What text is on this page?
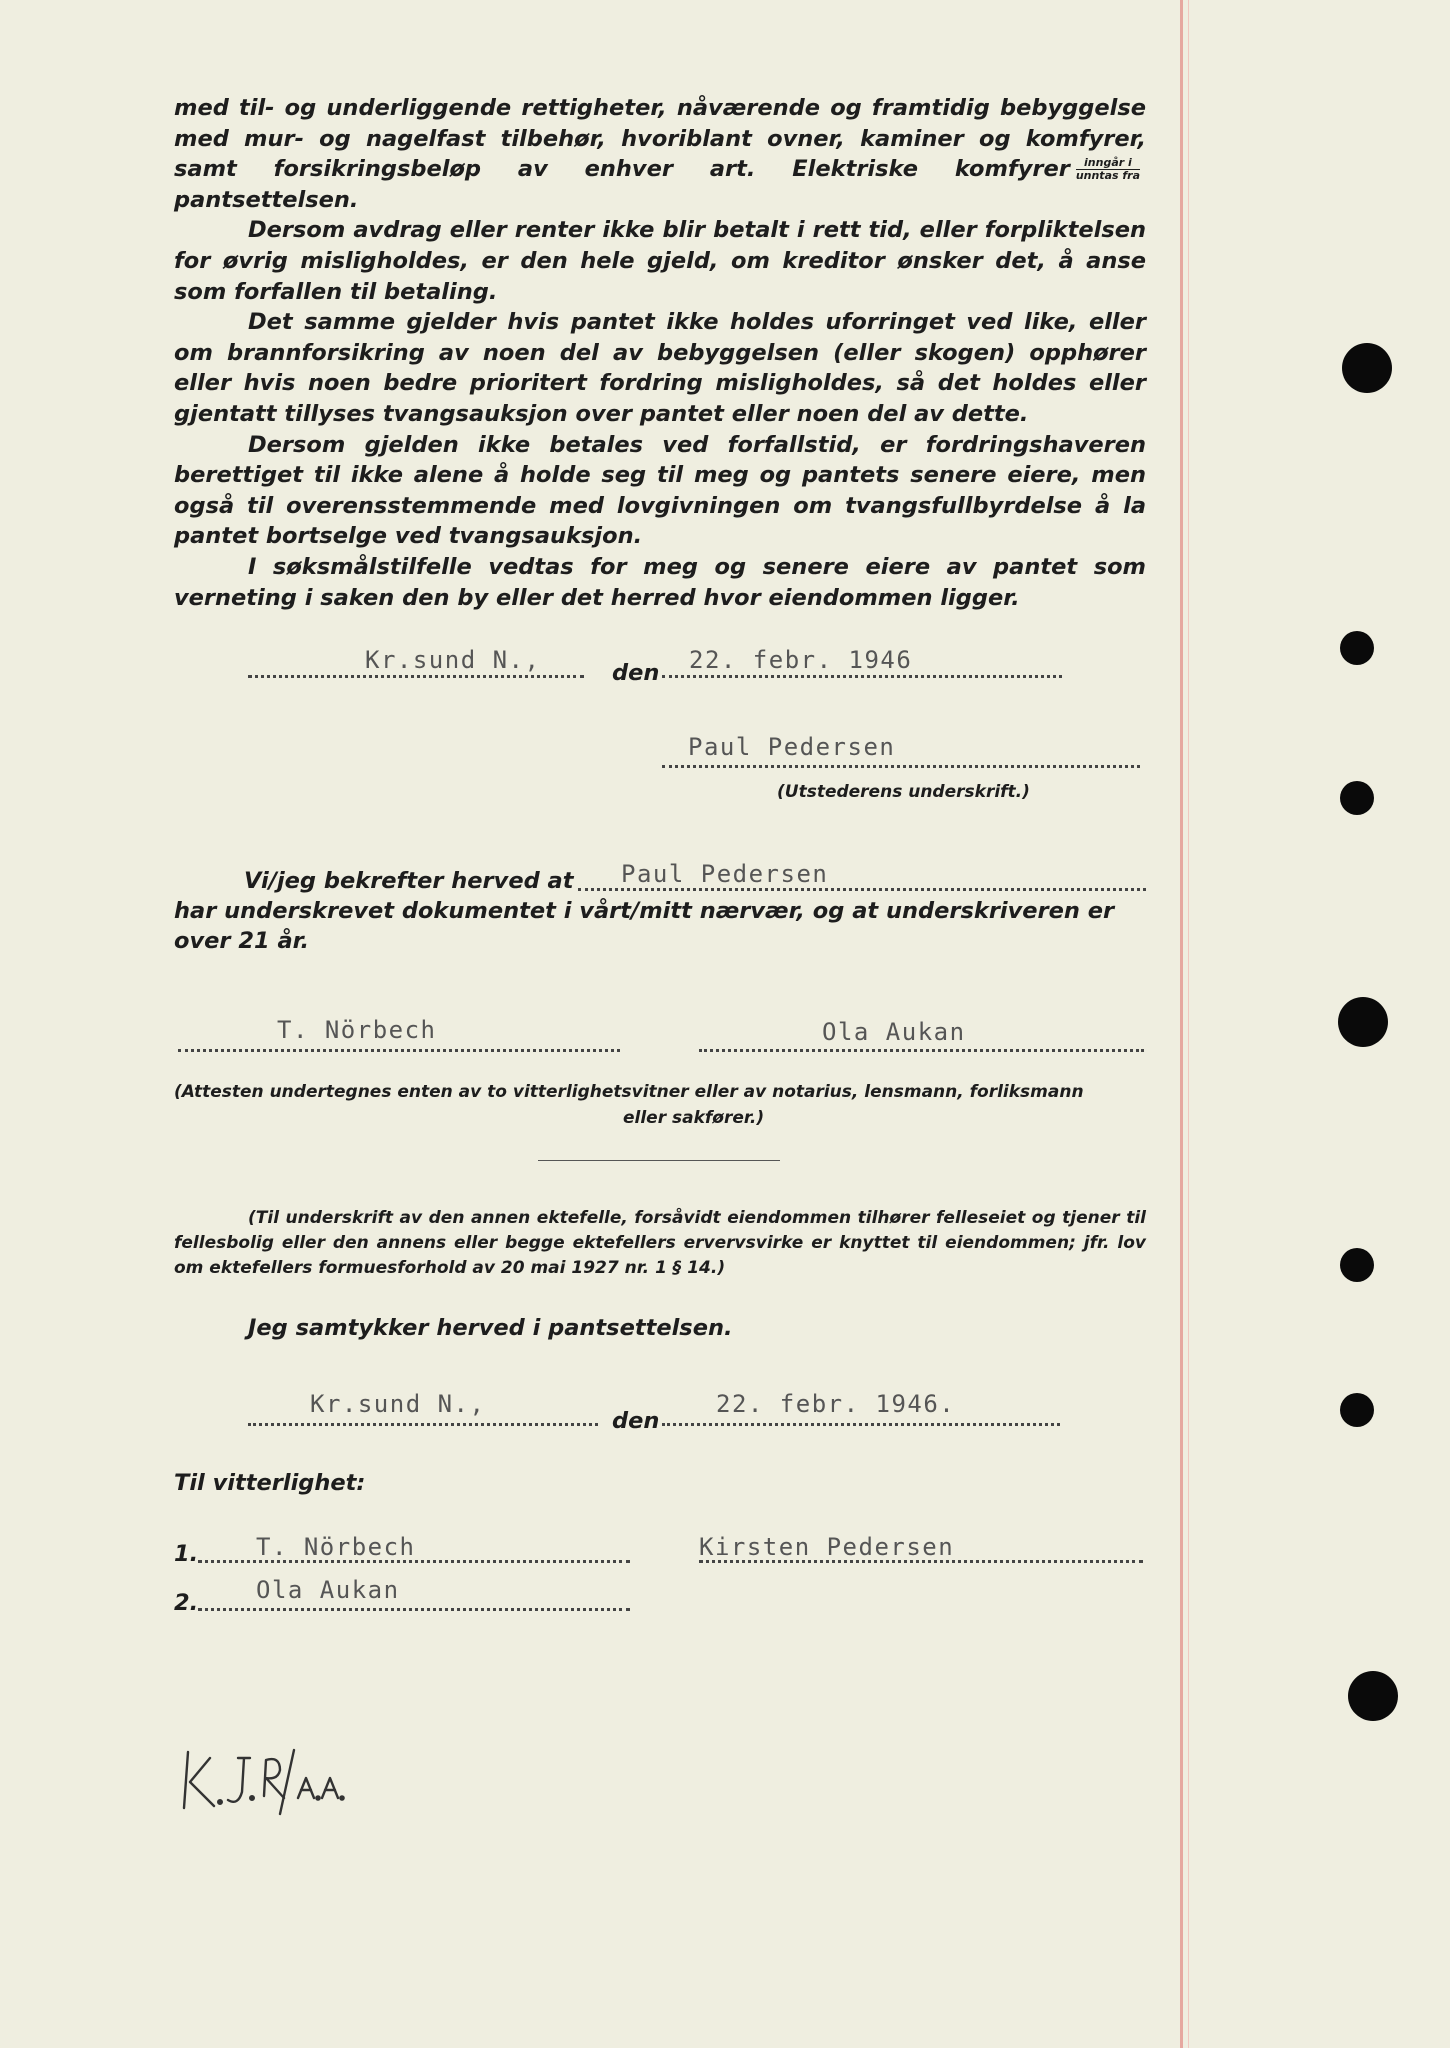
med til- og underliggende rettigheter, nåværende og framtidig bebyggelse med mur- og nagelfast tilbehør, hvoriblant ovner, kaminer og komfyrer, samt forsikringsbeløp av enhver art. Elektriske komfyrer $\frac{\text{inngår i}}{\text{unntas fra}}$
pantsettelsen.

Dersom avdrag eller renter ikke blir betalt i rett tid, eller forpliktelsen for øvrig misligholdes, er den hele gjeld, om kreditor ønsker det, å anse som forfallen til betaling.

Det samme gjelder hvis pantet ikke holdes uforringet ved like, eller om brannforsikring av noen del av bebyggelsen (eller skogen) opphører eller hvis noen bedre prioritert fordring misligholdes, så det holdes eller gjentatt tillyses tvangsauksjon over pantet eller noen del av dette.

Dersom gjelden ikke betales ved forfallstid, er fordringshaveren berettiget til ikke alene å holde seg til meg og pantets senere eiere, men også til overensstemmende med lovgivningen om tvangsfullbyrdelse å la pantet bortselge ved tvangsauksjon.

I søksmålstilfelle vedtas for meg og senere eiere av pantet som verneting i saken den by eller det herred hvor eiendommen ligger.

Kr.sund N.,	den 22. febr. 1946
Paul Pedersen
(Utstederens underskrift.)
Vi/jeg bekrefter herved at Paul Pedersen
har underskrevet dokumentet i vårt/mitt nærvær, og at underskriveren er
over 21 år.
T. Nörbech	Ola Aukan
(Attesten undertegnes enten av to vitterlighetsvitner eller av notarius, lensmann, forliksmann
eller sakfører.)
(Til underskrift av den annen ektefelle, forsåvidt eiendommen tilhører felleseiet og tjener til fellesbolig eller den annens eller begge ektefellers ervervsvirke er knyttet til eiendommen; jfr. lov om ektefellers formuesforhold av 20 mai 1927 nr. 1 § 14.)
Jeg samtykker herved i pantsettelsen.
Kr.sund N.,
den
22. febr. 1946.
Til vitterlighet:
1. T. Nörbech	Kirsten Pedersen
2. Ola Aukan
